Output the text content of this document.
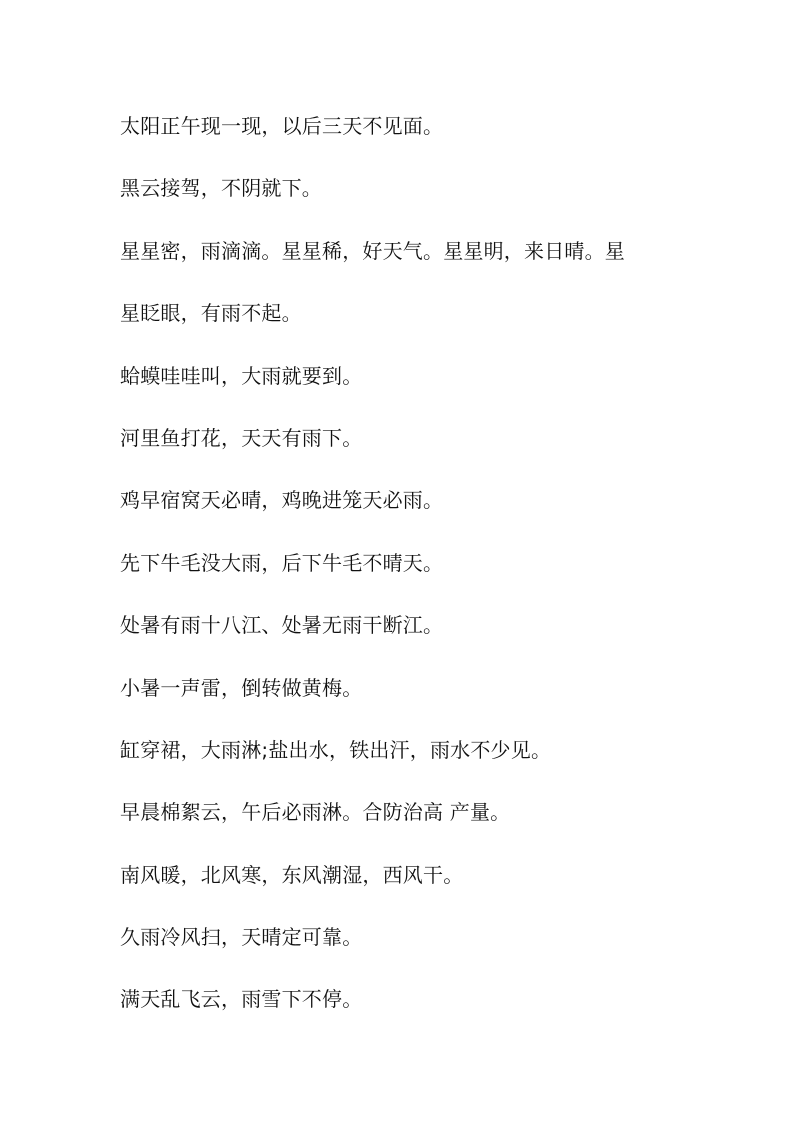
太阳正午现一现，以后三天不见面。
黑云接驾，不阴就下。
星星密，雨滴滴。星星稀，好天气。星星明，来日晴。星
星眨眼，有雨不起。
蛤蟆哇哇叫，大雨就要到。
河里鱼打花，天天有雨下。
鸡早宿窝天必晴，鸡晚进笼天必雨。
先下牛毛没大雨，后下牛毛不晴天。
处暑有雨十八江、处暑无雨干断江。
小暑一声雷，倒转做黄梅。
缸穿裙，大雨淋;盐出水，铁出汗，雨水不少见。
早晨棉絮云，午后必雨淋。合防治高 产量。
南风暖，北风寒，东风潮湿，西风干。
久雨冷风扫，天晴定可靠。
满天乱飞云，雨雪下不停。
